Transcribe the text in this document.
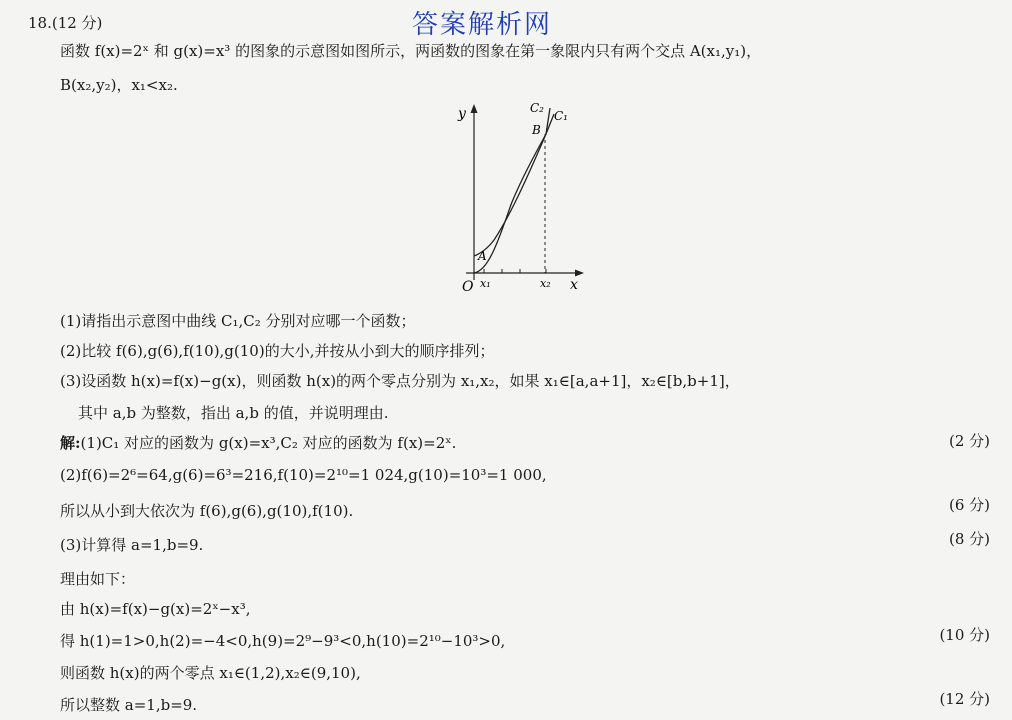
答案解析网
18.(12 分)
函数 f(x)=2ˣ 和 g(x)=x³ 的图象的示意图如图所示，两函数的图象在第一象限内只有两个交点 A(x₁,y₁)，
B(x₂,y₂)，x₁<x₂.
y
x
O
A
B
C₂
C₁
x₁	x₂
(1)请指出示意图中曲线 C₁,C₂ 分别对应哪一个函数；
(2)比较 f(6),g(6),f(10),g(10)的大小,并按从小到大的顺序排列；
(3)设函数 h(x)=f(x)−g(x)，则函数 h(x)的两个零点分别为 x₁,x₂，如果 x₁∈[a,a+1]，x₂∈[b,b+1]，
其中 a,b 为整数，指出 a,b 的值，并说明理由.
解:(1)C₁ 对应的函数为 g(x)=x³,C₂ 对应的函数为 f(x)=2ˣ.	(2 分)
(2)f(6)=2⁶=64,g(6)=6³=216,f(10)=2¹⁰=1 024,g(10)=10³=1 000,
所以从小到大依次为 f(6),g(6),g(10),f(10).	(6 分)
(3)计算得 a=1,b=9.	(8 分)
理由如下：
由 h(x)=f(x)−g(x)=2ˣ−x³,
得 h(1)=1>0,h(2)=−4<0,h(9)=2⁹−9³<0,h(10)=2¹⁰−10³>0,	(10 分)
则函数 h(x)的两个零点 x₁∈(1,2),x₂∈(9,10),
所以整数 a=1,b=9.	(12 分)
